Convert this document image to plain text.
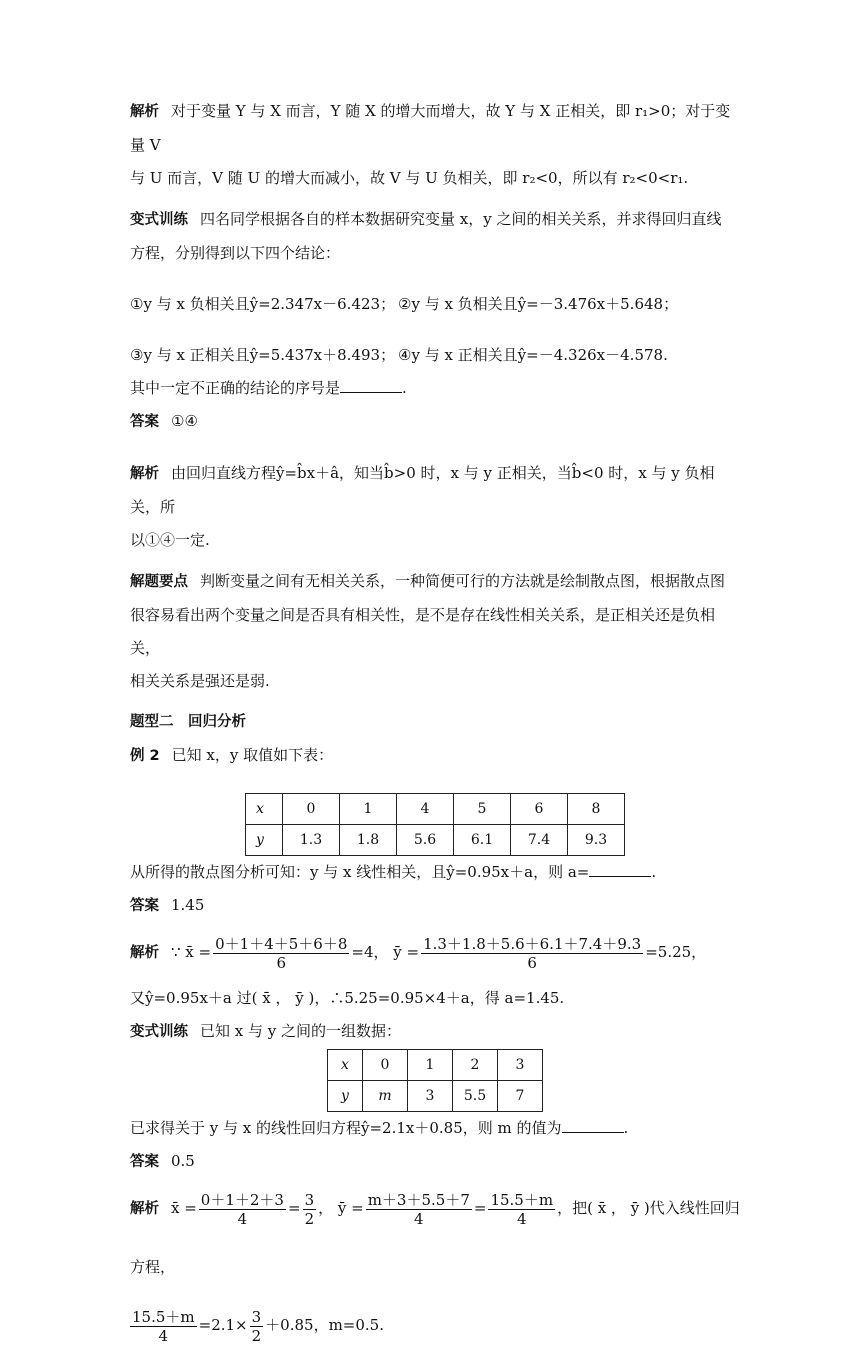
解析 对于变量 Y 与 X 而言，Y 随 X 的增大而增大，故 Y 与 X 正相关，即 r₁>0；对于变量 V

与 U 而言，V 随 U 的增大而减小，故 V 与 U 负相关，即 r₂<0，所以有 r₂<0<r₁.

变式训练 四名同学根据各自的样本数据研究变量 x，y 之间的相关关系，并求得回归直线

方程，分别得到以下四个结论：

①y 与 x 负相关且ŷ=2.347x－6.423； ②y 与 x 负相关且ŷ=－3.476x＋5.648；

③y 与 x 正相关且ŷ=5.437x＋8.493； ④y 与 x 正相关且ŷ=－4.326x－4.578.

其中一定不正确的结论的序号是	.

答案 ①④

解析 由回归直线方程ŷ=b̂x＋â，知当b̂>0 时，x 与 y 正相关，当b̂<0 时，x 与 y 负相关，所

以①④一定.

解题要点 判断变量之间有无相关关系，一种简便可行的方法就是绘制散点图，根据散点图

很容易看出两个变量之间是否具有相关性，是不是存在线性相关关系，是正相关还是负相关，

相关关系是强还是弱.

题型二　回归分析

例 2 已知 x，y 取值如下表：

x	0	1	4	5	6	8
y	1.3	1.8	5.6	6.1	7.4	9.3

从所得的散点图分析可知：y 与 x 线性相关，且ŷ=0.95x＋a，则 a=	.

答案 1.45

解析 ∵ x̄ = $\frac{0+1+4+5+6+8}{6} =4$， ȳ = $\frac{1.3+1.8+5.6+6.1+7.4+9.3}{6} =5.25$，

又ŷ=0.95x＋a 过( x̄ ， ȳ )，∴5.25=0.95×4＋a，得 a=1.45.

变式训练 已知 x 与 y 之间的一组数据：

x	0	1	2	3
y	m	3	5.5	7

已求得关于 y 与 x 的线性回归方程ŷ=2.1x＋0.85，则 m 的值为	.

答案 0.5

解析 x̄ = $\frac{0+1+2+3}{4} = \frac{3}{2}$ ， ȳ = $\frac{m+3+5.5+7}{4} = \frac{15.5+m}{4}$ ，把( x̄ ， ȳ )代入线性回归方程，

$\frac{15.5+m}{4} =2.1\times \frac{3}{2} +0.85$，m=0.5.
